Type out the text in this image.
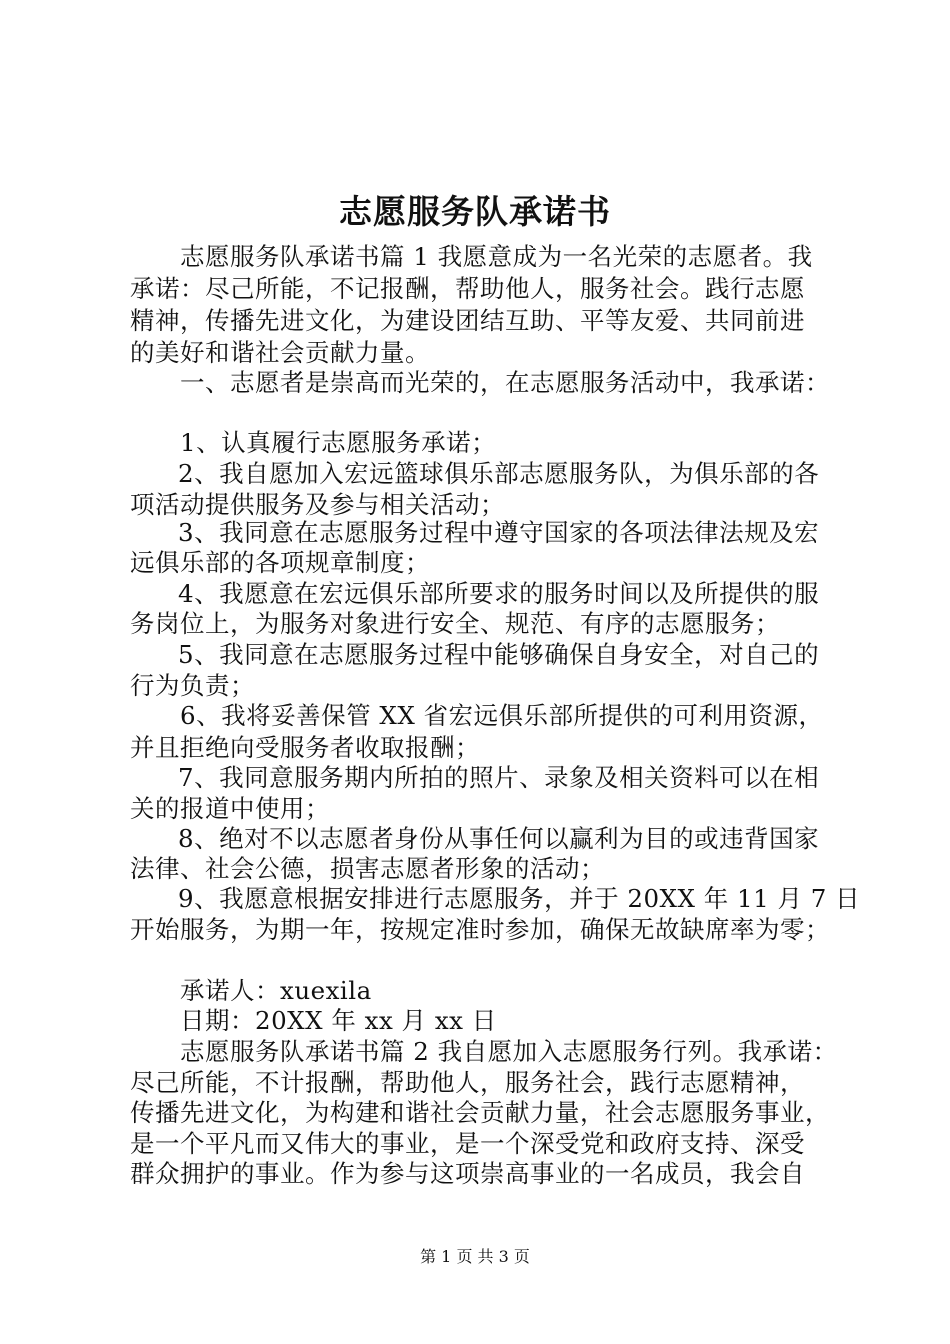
志愿服务队承诺书
志愿服务队承诺书篇 1 我愿意成为一名光荣的志愿者。我
承诺：尽己所能，不记报酬，帮助他人，服务社会。践行志愿
精神，传播先进文化，为建设团结互助、平等友爱、共同前进
的美好和谐社会贡献力量。
一、志愿者是崇高而光荣的，在志愿服务活动中，我承诺：
1、认真履行志愿服务承诺；
2、我自愿加入宏远篮球俱乐部志愿服务队，为俱乐部的各
项活动提供服务及参与相关活动；
3、我同意在志愿服务过程中遵守国家的各项法律法规及宏
远俱乐部的各项规章制度；
4、我愿意在宏远俱乐部所要求的服务时间以及所提供的服
务岗位上，为服务对象进行安全、规范、有序的志愿服务；
5、我同意在志愿服务过程中能够确保自身安全，对自己的
行为负责；
6、我将妥善保管 XX 省宏远俱乐部所提供的可利用资源，
并且拒绝向受服务者收取报酬；
7、我同意服务期内所拍的照片、录象及相关资料可以在相
关的报道中使用；
8、绝对不以志愿者身份从事任何以赢利为目的或违背国家
法律、社会公德，损害志愿者形象的活动；
9、我愿意根据安排进行志愿服务，并于 20XX 年 11 月 7 日
开始服务，为期一年，按规定准时参加，确保无故缺席率为零；
承诺人：xuexila
日期：20XX 年 xx 月 xx 日
志愿服务队承诺书篇 2 我自愿加入志愿服务行列。我承诺：
尽己所能，不计报酬，帮助他人，服务社会，践行志愿精神，
传播先进文化，为构建和谐社会贡献力量，社会志愿服务事业，
是一个平凡而又伟大的事业，是一个深受党和政府支持、深受
群众拥护的事业。作为参与这项崇高事业的一名成员，我会自
第 1 页 共 3 页
